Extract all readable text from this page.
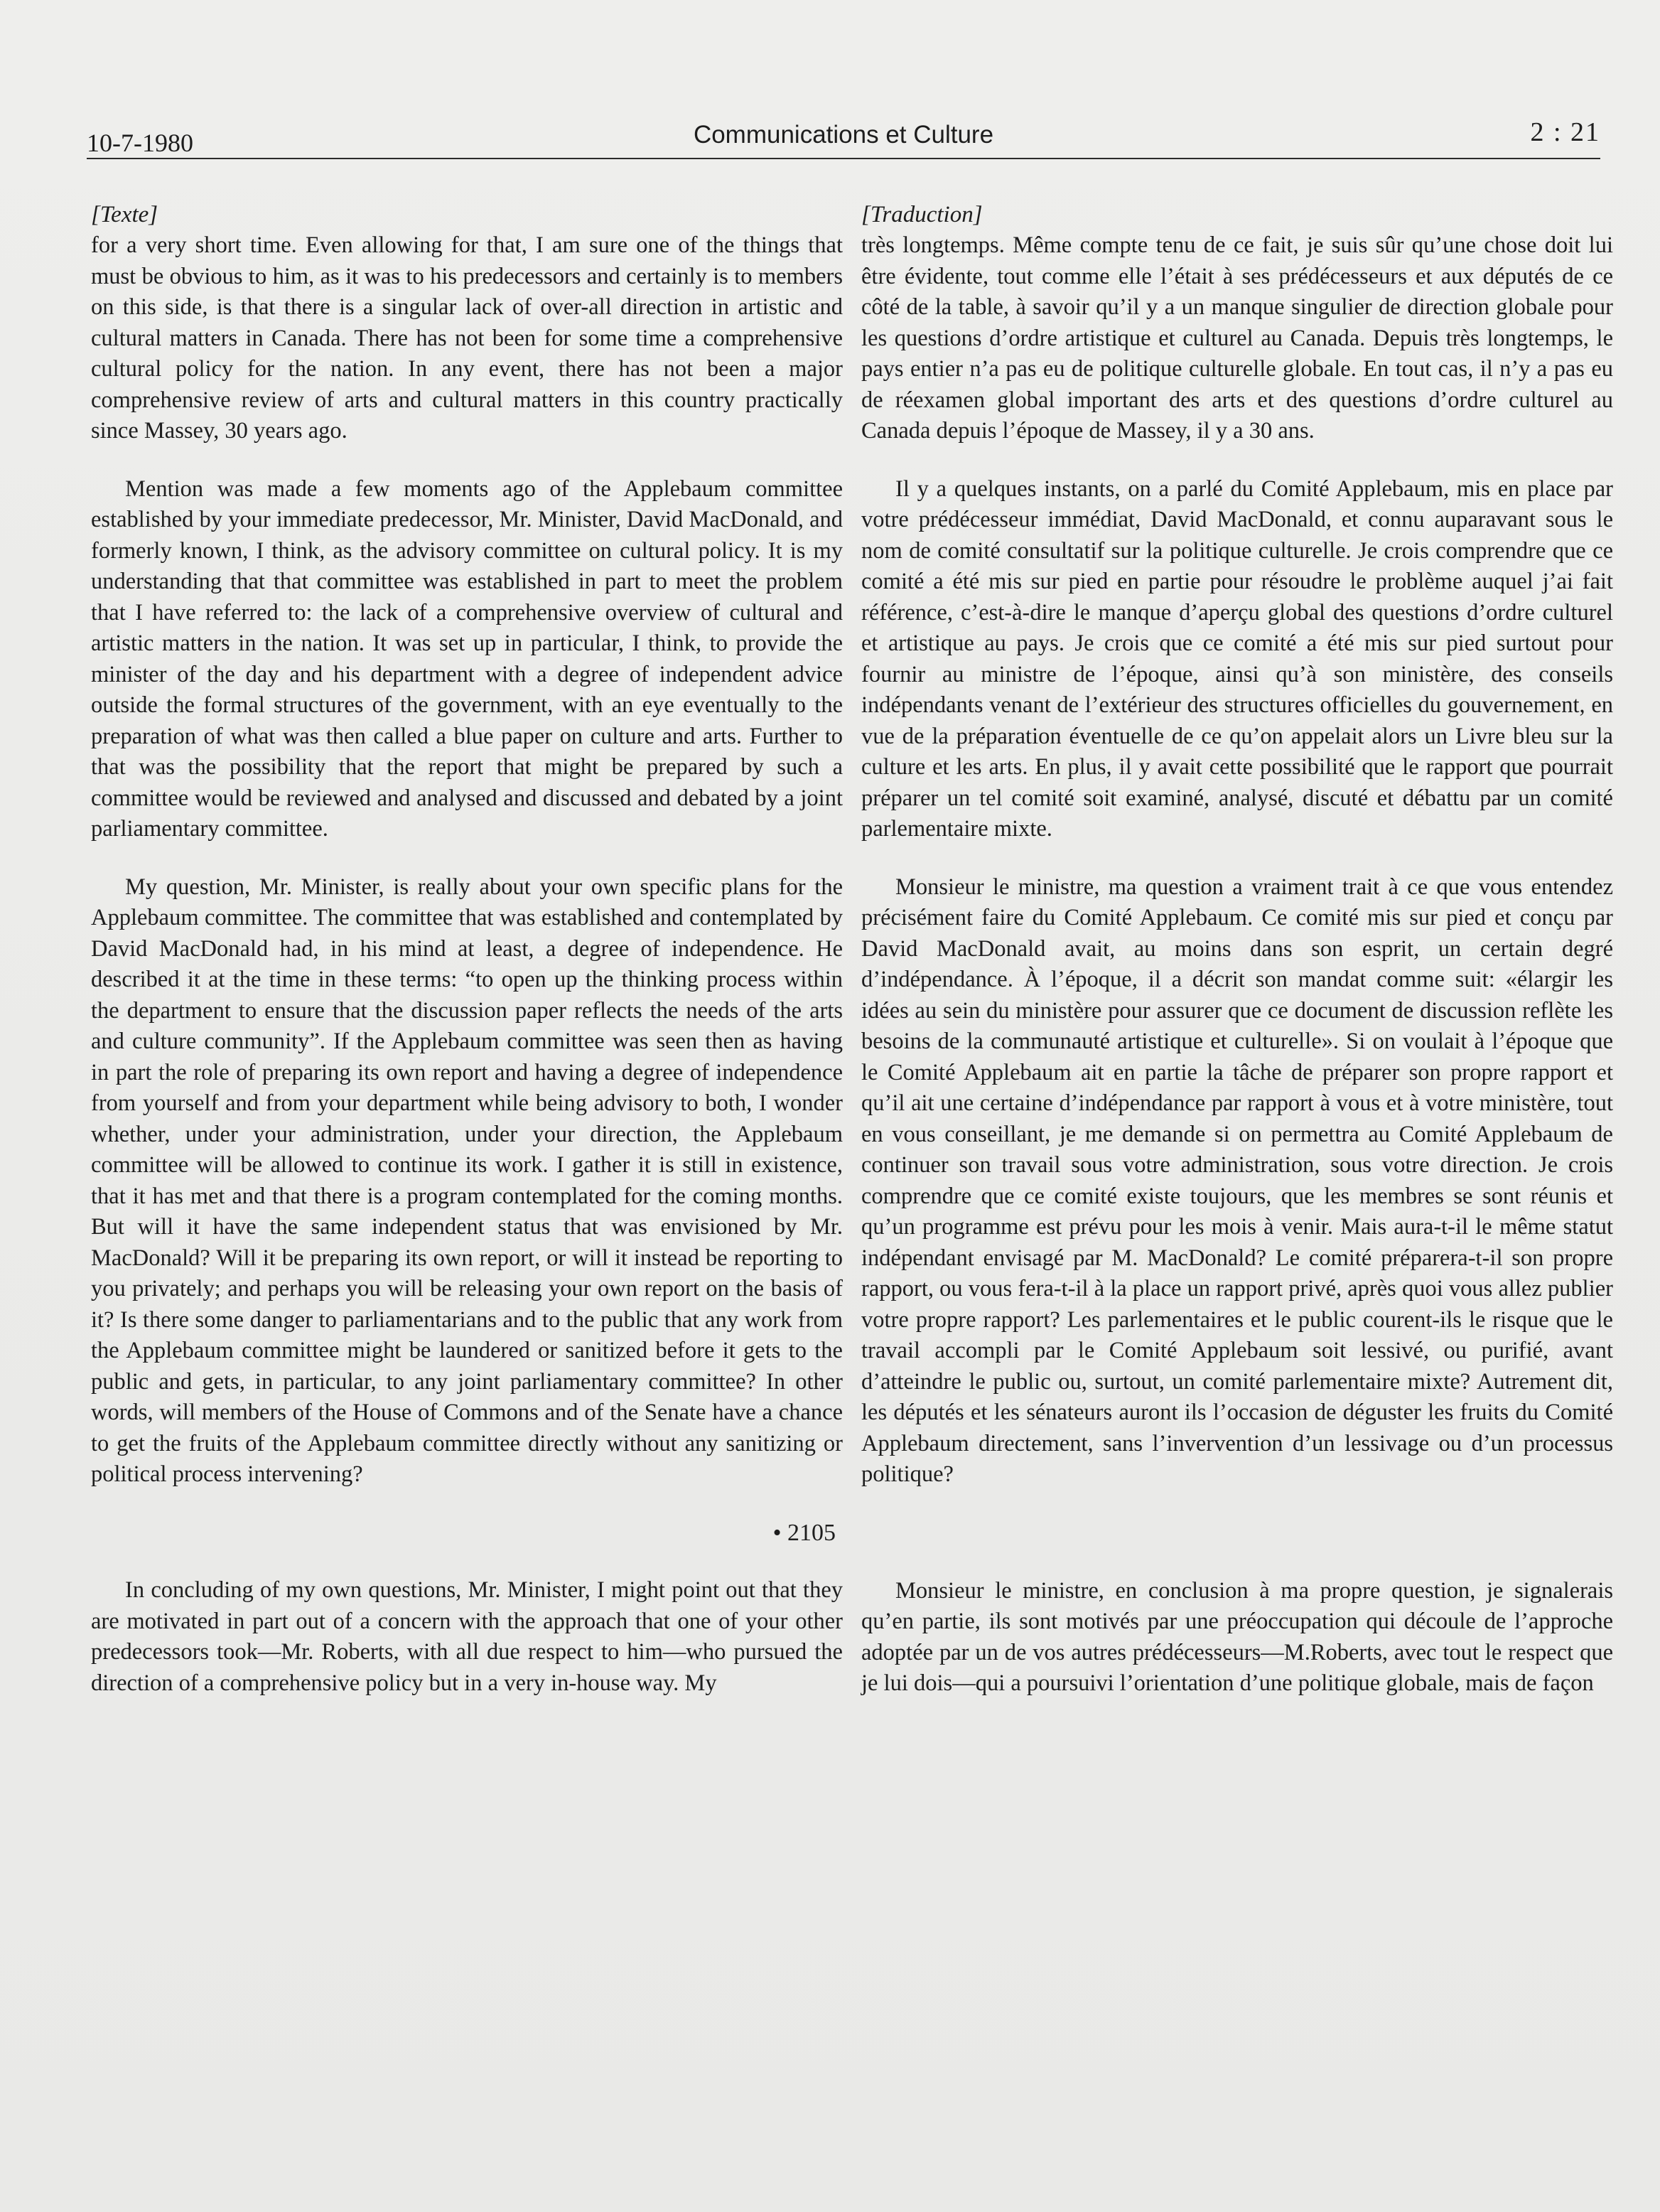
10-7-1980	Communications et Culture	2 : 21

[Texte]

for a very short time. Even allowing for that, I am sure one of the things that must be obvious to him, as it was to his predecessors and certainly is to members on this side, is that there is a singular lack of over-all direction in artistic and cultural matters in Canada. There has not been for some time a comprehensive cultural policy for the nation. In any event, there has not been a major comprehensive review of arts and cultural matters in this country practically since Massey, 30 years ago.

Mention was made a few moments ago of the Applebaum committee established by your immediate predecessor, Mr. Minister, David MacDonald, and formerly known, I think, as the advisory committee on cultural policy. It is my understanding that that committee was established in part to meet the problem that I have referred to: the lack of a comprehensive overview of cultural and artistic matters in the nation. It was set up in particular, I think, to provide the minister of the day and his department with a degree of independent advice outside the formal structures of the government, with an eye eventually to the preparation of what was then called a blue paper on culture and arts. Further to that was the possibility that the report that might be prepared by such a committee would be reviewed and analysed and discussed and debated by a joint parliamentary committee.

My question, Mr. Minister, is really about your own specific plans for the Applebaum committee. The committee that was established and contemplated by David MacDonald had, in his mind at least, a degree of independence. He described it at the time in these terms: “to open up the thinking process within the department to ensure that the discussion paper reflects the needs of the arts and culture community”. If the Applebaum committee was seen then as having in part the role of preparing its own report and having a degree of independence from yourself and from your department while being advisory to both, I wonder whether, under your administration, under your direction, the Applebaum committee will be allowed to continue its work. I gather it is still in existence, that it has met and that there is a program contemplated for the coming months. But will it have the same independent status that was envisioned by Mr. MacDonald? Will it be preparing its own report, or will it instead be reporting to you privately; and perhaps you will be releasing your own report on the basis of it? Is there some danger to parliamentarians and to the public that any work from the Applebaum committee might be laundered or sanitized before it gets to the public and gets, in particular, to any joint parliamentary committee? In other words, will members of the House of Commons and of the Senate have a chance to get the fruits of the Applebaum committee directly without any sanitizing or political process intervening?

• 2105

In concluding of my own questions, Mr. Minister, I might point out that they are motivated in part out of a concern with the approach that one of your other predecessors took—Mr. Roberts, with all due respect to him—who pursued the direction of a comprehensive policy but in a very in-house way. My

[Traduction]

très longtemps. Même compte tenu de ce fait, je suis sûr qu’une chose doit lui être évidente, tout comme elle l’était à ses prédécesseurs et aux députés de ce côté de la table, à savoir qu’il y a un manque singulier de direction globale pour les questions d’ordre artistique et culturel au Canada. Depuis très longtemps, le pays entier n’a pas eu de politique culturelle globale. En tout cas, il n’y a pas eu de réexamen global important des arts et des questions d’ordre culturel au Canada depuis l’époque de Massey, il y a 30 ans.

Il y a quelques instants, on a parlé du Comité Applebaum, mis en place par votre prédécesseur immédiat, David MacDonald, et connu auparavant sous le nom de comité consultatif sur la politique culturelle. Je crois comprendre que ce comité a été mis sur pied en partie pour résoudre le problème auquel j’ai fait référence, c’est-à-dire le manque d’aperçu global des questions d’ordre culturel et artistique au pays. Je crois que ce comité a été mis sur pied surtout pour fournir au ministre de l’époque, ainsi qu’à son ministère, des conseils indépendants venant de l’extérieur des structures officielles du gouvernement, en vue de la préparation éventuelle de ce qu’on appelait alors un Livre bleu sur la culture et les arts. En plus, il y avait cette possibilité que le rapport que pourrait préparer un tel comité soit examiné, analysé, discuté et débattu par un comité parlementaire mixte.

Monsieur le ministre, ma question a vraiment trait à ce que vous entendez précisément faire du Comité Applebaum. Ce comité mis sur pied et conçu par David MacDonald avait, au moins dans son esprit, un certain degré d’indépendance. À l’époque, il a décrit son mandat comme suit: «élargir les idées au sein du ministère pour assurer que ce document de discussion reflète les besoins de la communauté artistique et culturelle». Si on voulait à l’époque que le Comité Applebaum ait en partie la tâche de préparer son propre rapport et qu’il ait une certaine d’indépendance par rapport à vous et à votre ministère, tout en vous conseillant, je me demande si on permettra au Comité Applebaum de continuer son travail sous votre administration, sous votre direction. Je crois comprendre que ce comité existe toujours, que les membres se sont réunis et qu’un programme est prévu pour les mois à venir. Mais aura-t-il le même statut indépendant envisagé par M. MacDonald? Le comité préparera-t-il son propre rapport, ou vous fera-t-il à la place un rapport privé, après quoi vous allez publier votre propre rapport? Les parlementaires et le public courent-ils le risque que le travail accompli par le Comité Applebaum soit lessivé, ou purifié, avant d’atteindre le public ou, surtout, un comité parlementaire mixte? Autrement dit, les députés et les sénateurs auront ils l’occasion de déguster les fruits du Comité Applebaum directement, sans l’invervention d’un lessivage ou d’un processus politique?

Monsieur le ministre, en conclusion à ma propre question, je signalerais qu’en partie, ils sont motivés par une préoccupation qui découle de l’approche adoptée par un de vos autres prédécesseurs—M.Roberts, avec tout le respect que je lui dois—qui a poursuivi l’orientation d’une politique globale, mais de façon
